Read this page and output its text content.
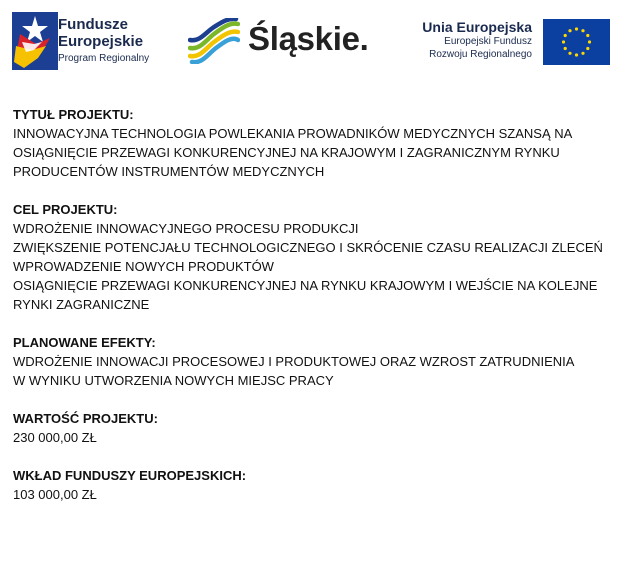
Fundusze
Europejskie
Program Regionalny
Śląskie.	Unia Europejska
Europejski Fundusz
Rozwoju Regionalnego

TYTUŁ PROJEKTU:

INNOWACYJNA TECHNOLOGIA POWLEKANIA PROWADNIKÓW MEDYCZNYCH SZANSĄ NA

OSIĄGNIĘCIE PRZEWAGI KONKURENCYJNEJ NA KRAJOWYM I ZAGRANICZNYM RYNKU

PRODUCENTÓW INSTRUMENTÓW MEDYCZNYCH

CEL PROJEKTU:

WDROŻENIE INNOWACYJNEGO PROCESU PRODUKCJI

ZWIĘKSZENIE POTENCJAŁU TECHNOLOGICZNEGO I SKRÓCENIE CZASU REALIZACJI ZLECEŃ

WPROWADZENIE NOWYCH PRODUKTÓW

OSIĄGNIĘCIE PRZEWAGI KONKURENCYJNEJ NA RYNKU KRAJOWYM I WEJŚCIE NA KOLEJNE

RYNKI ZAGRANICZNE

PLANOWANE EFEKTY:

WDROŻENIE INNOWACJI PROCESOWEJ I PRODUKTOWEJ ORAZ WZROST ZATRUDNIENIA

W WYNIKU UTWORZENIA NOWYCH MIEJSC PRACY

WARTOŚĆ PROJEKTU:

230 000,00 ZŁ

WKŁAD FUNDUSZY EUROPEJSKICH:

103 000,00 ZŁ
